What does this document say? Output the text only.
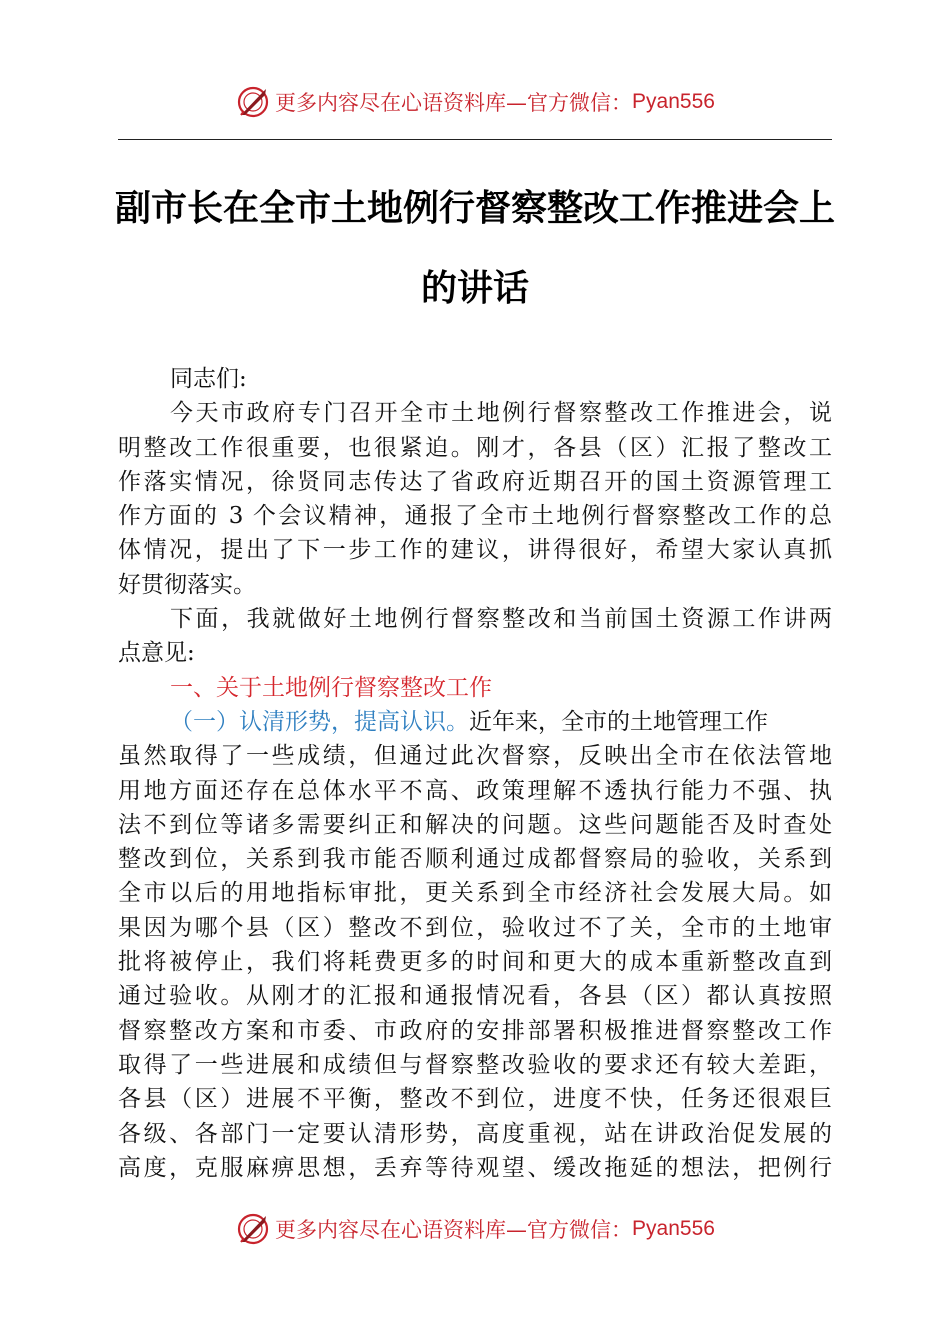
更多内容尽在心语资料库—官方微信： Pyan556
副市长在全市土地例行督察整改工作推进会上
的讲话
同志们:
今天市政府专门召开全市土地例行督察整改工作推进会，说
明整改工作很重要，也很紧迫。刚才，各县（区）汇报了整改工
作落实情况，徐贤同志传达了省政府近期召开的国土资源管理工
作方面的 3 个会议精神，通报了全市土地例行督察整改工作的总
体情况，提出了下一步工作的建议，讲得很好，希望大家认真抓
好贯彻落实。
下面，我就做好土地例行督察整改和当前国土资源工作讲两
点意见:
一、关于土地例行督察整改工作
（一）认清形势，提高认识。近年来，全市的土地管理工作
虽然取得了一些成绩，但通过此次督察，反映出全市在依法管地
用地方面还存在总体水平不高、政策理解不透执行能力不强、执
法不到位等诸多需要纠正和解决的问题。这些问题能否及时查处
整改到位，关系到我市能否顺利通过成都督察局的验收，关系到
全市以后的用地指标审批，更关系到全市经济社会发展大局。如
果因为哪个县（区）整改不到位，验收过不了关，全市的土地审
批将被停止，我们将耗费更多的时间和更大的成本重新整改直到
通过验收。从刚才的汇报和通报情况看，各县（区）都认真按照
督察整改方案和市委、市政府的安排部署积极推进督察整改工作
取得了一些进展和成绩但与督察整改验收的要求还有较大差距，
各县（区）进展不平衡，整改不到位，进度不快，任务还很艰巨
各级、各部门一定要认清形势，高度重视，站在讲政治促发展的
高度，克服麻痹思想，丢弃等待观望、缓改拖延的想法，把例行
更多内容尽在心语资料库—官方微信： Pyan556
